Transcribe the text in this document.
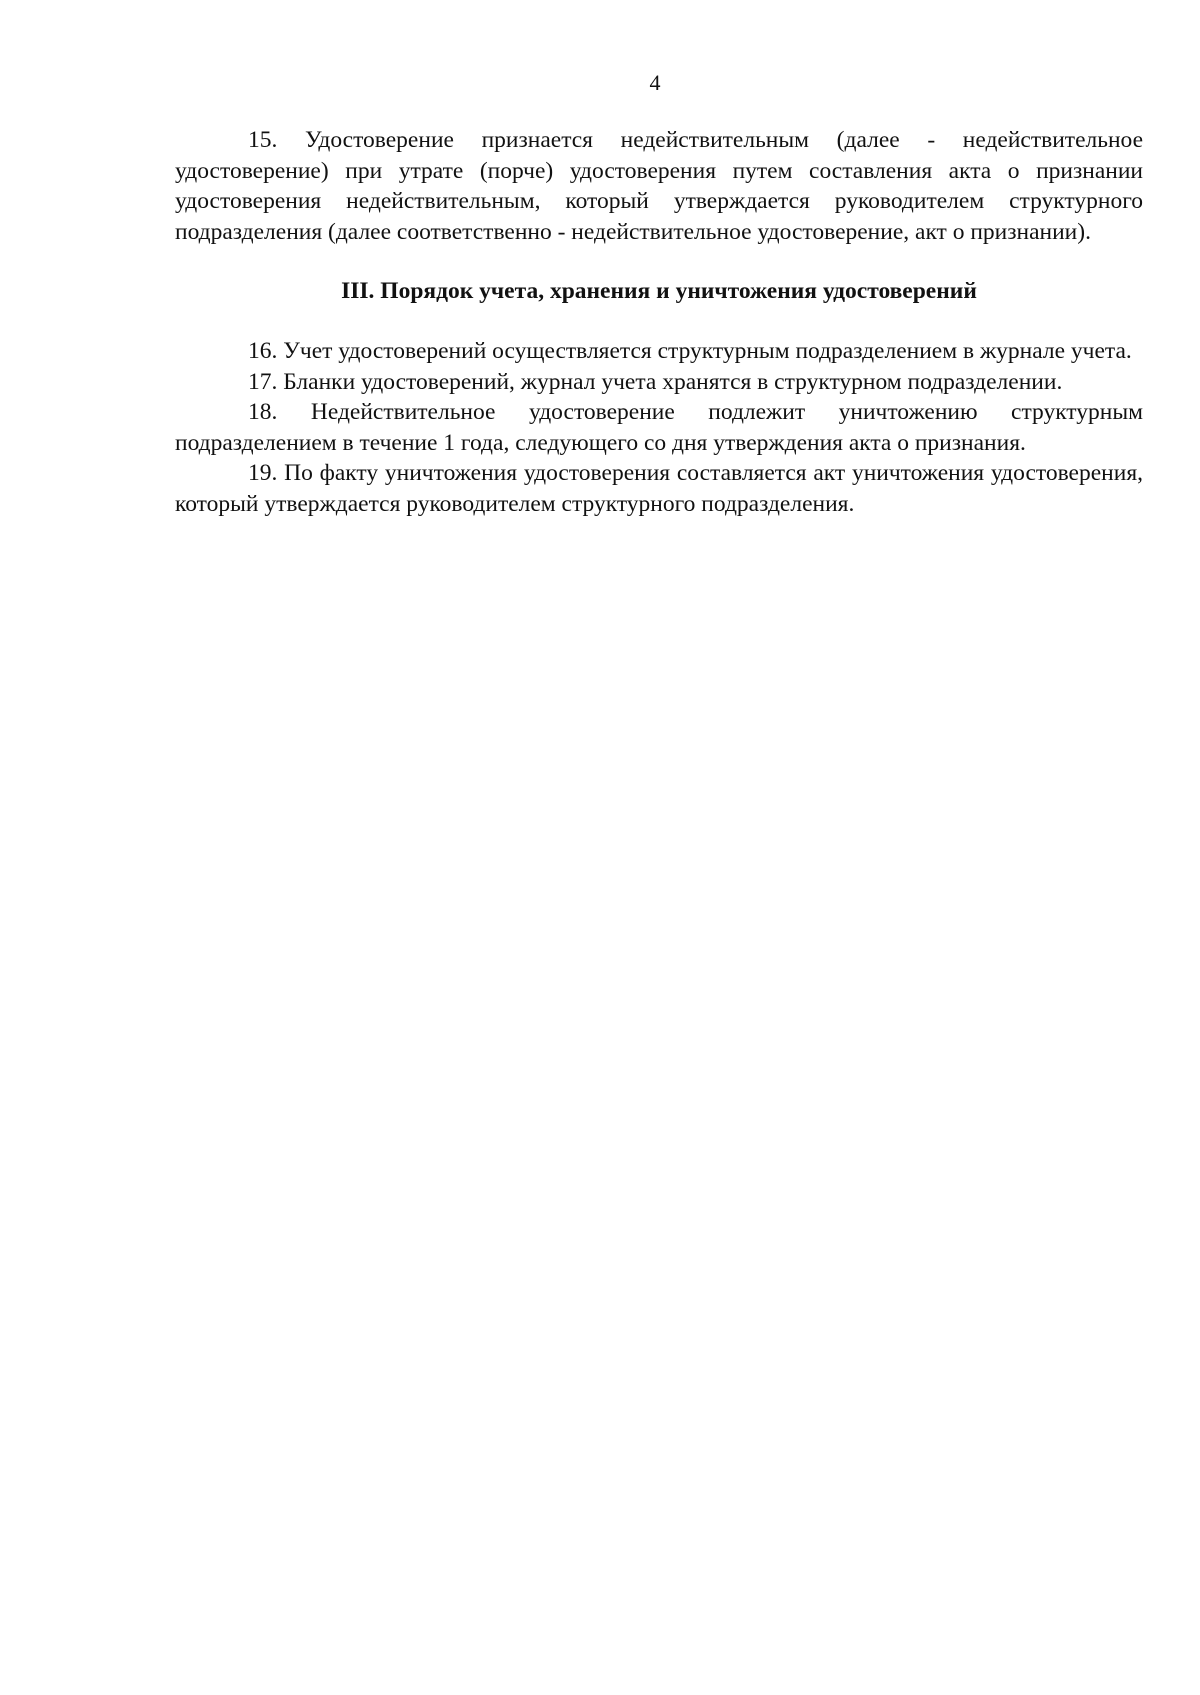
4

15. Удостоверение признается недействительным (далее - недействительное удостоверение) при утрате (порче) удостоверения путем составления акта о признании удостоверения недействительным, который утверждается руководителем структурного подразделения (далее соответственно - недействительное удостоверение, акт о признании).

III. Порядок учета, хранения и уничтожения удостоверений

16. Учет удостоверений осуществляется структурным подразделением в журнале учета.

17. Бланки удостоверений, журнал учета хранятся в структурном подразделении.

18. Недействительное удостоверение подлежит уничтожению структурным подразделением в течение 1 года, следующего со дня утверждения акта о признания.

19. По факту уничтожения удостоверения составляется акт уничтожения удостоверения, который утверждается руководителем структурного подразделения.
